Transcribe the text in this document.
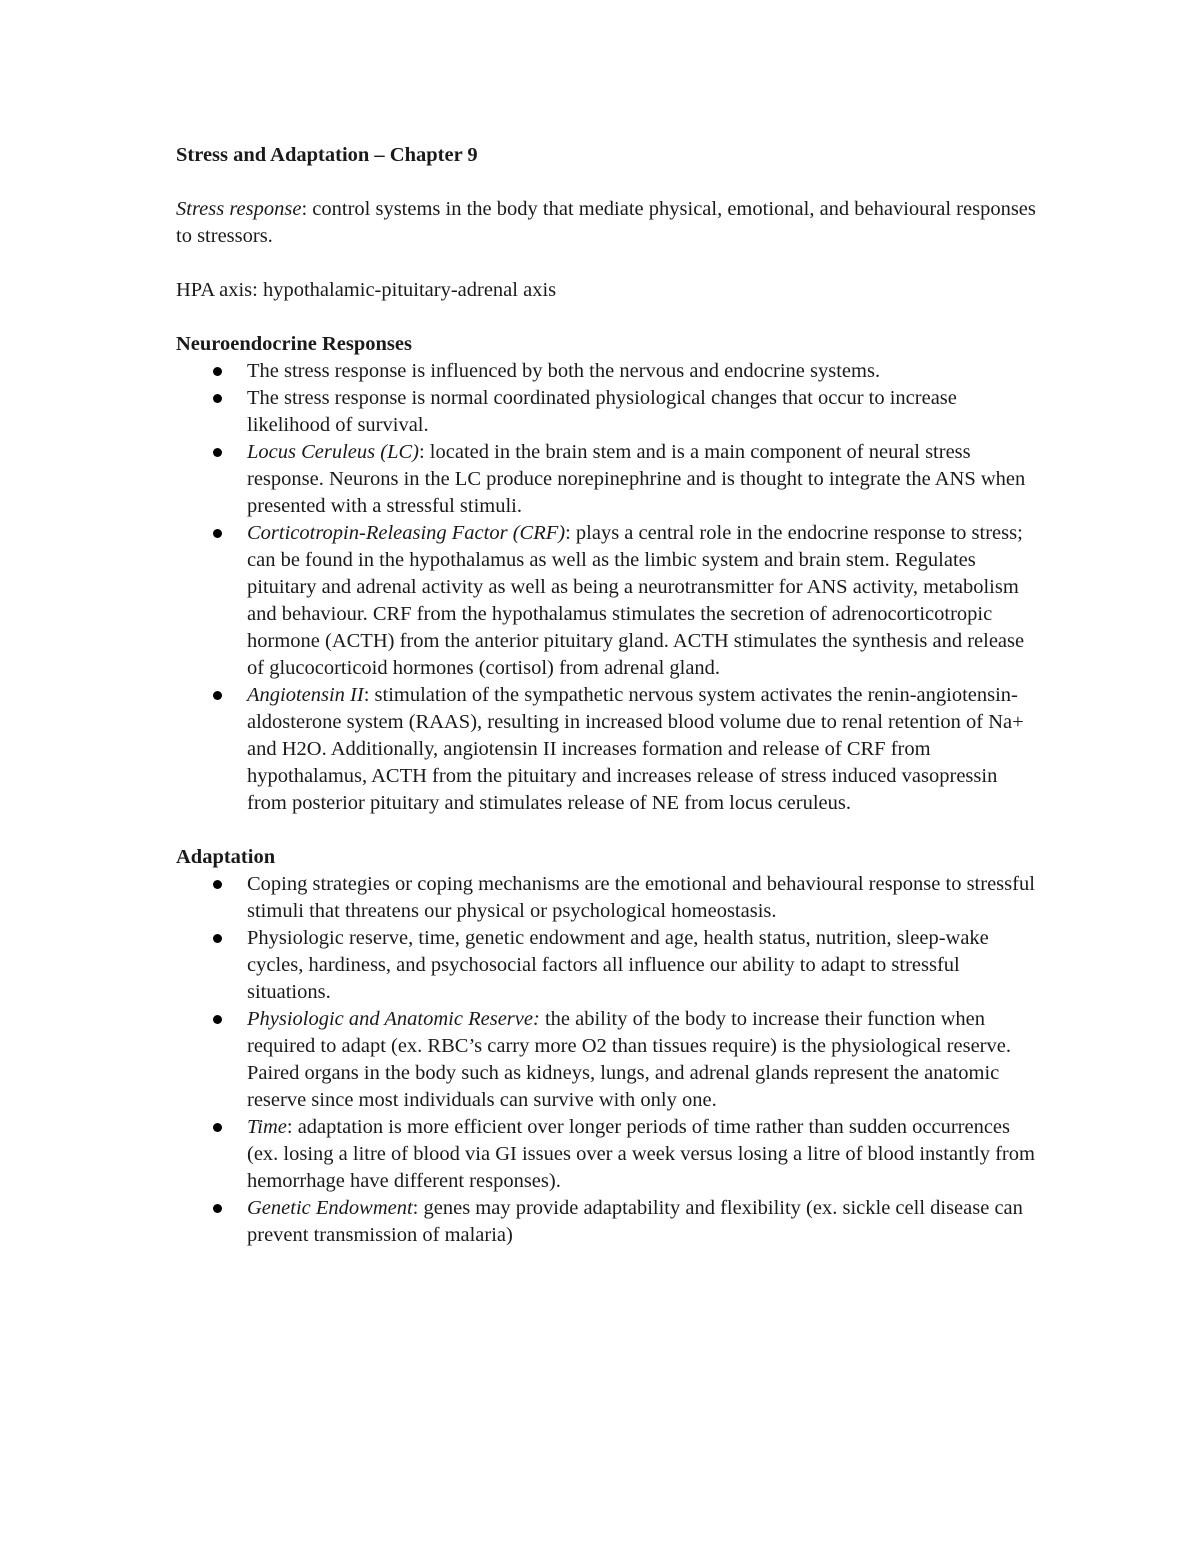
Stress and Adaptation – Chapter 9
Stress response: control systems in the body that mediate physical, emotional, and behavioural responses to stressors.
HPA axis: hypothalamic-pituitary-adrenal axis
Neuroendocrine Responses
The stress response is influenced by both the nervous and endocrine systems.
The stress response is normal coordinated physiological changes that occur to increase likelihood of survival.
Locus Ceruleus (LC): located in the brain stem and is a main component of neural stress response. Neurons in the LC produce norepinephrine and is thought to integrate the ANS when presented with a stressful stimuli.
Corticotropin-Releasing Factor (CRF): plays a central role in the endocrine response to stress; can be found in the hypothalamus as well as the limbic system and brain stem. Regulates pituitary and adrenal activity as well as being a neurotransmitter for ANS activity, metabolism and behaviour. CRF from the hypothalamus stimulates the secretion of adrenocorticotropic hormone (ACTH) from the anterior pituitary gland. ACTH stimulates the synthesis and release of glucocorticoid hormones (cortisol) from adrenal gland.
Angiotensin II: stimulation of the sympathetic nervous system activates the renin-angiotensin-aldosterone system (RAAS), resulting in increased blood volume due to renal retention of Na+ and H2O. Additionally, angiotensin II increases formation and release of CRF from hypothalamus, ACTH from the pituitary and increases release of stress induced vasopressin from posterior pituitary and stimulates release of NE from locus ceruleus.
Adaptation
Coping strategies or coping mechanisms are the emotional and behavioural response to stressful stimuli that threatens our physical or psychological homeostasis.
Physiologic reserve, time, genetic endowment and age, health status, nutrition, sleep-wake cycles, hardiness, and psychosocial factors all influence our ability to adapt to stressful situations.
Physiologic and Anatomic Reserve: the ability of the body to increase their function when required to adapt (ex. RBC’s carry more O2 than tissues require) is the physiological reserve. Paired organs in the body such as kidneys, lungs, and adrenal glands represent the anatomic reserve since most individuals can survive with only one.
Time: adaptation is more efficient over longer periods of time rather than sudden occurrences (ex. losing a litre of blood via GI issues over a week versus losing a litre of blood instantly from hemorrhage have different responses).
Genetic Endowment: genes may provide adaptability and flexibility (ex. sickle cell disease can prevent transmission of malaria)
